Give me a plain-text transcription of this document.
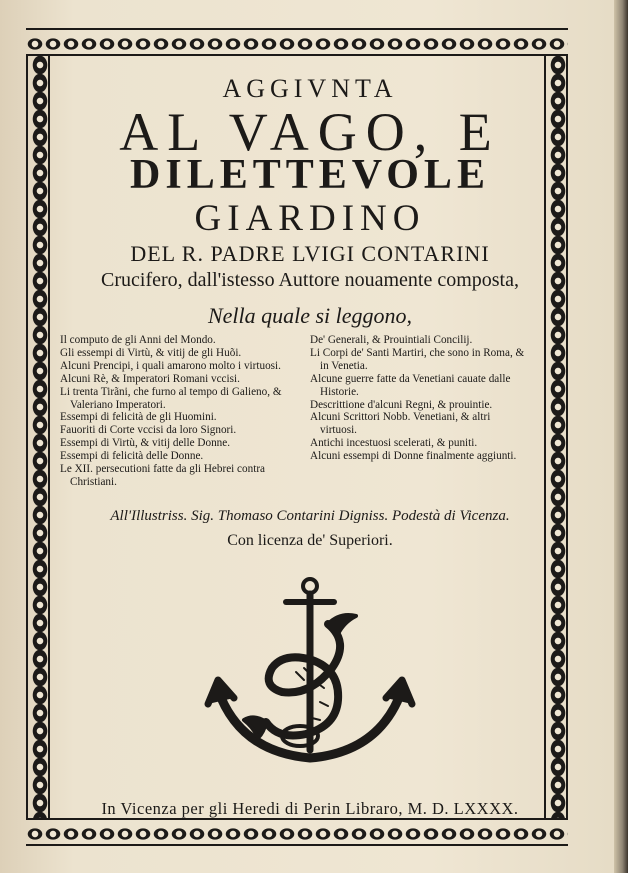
AGGIVNTA
AL VAGO, E
DILETTEVOLE
GIARDINO
DEL R. PADRE LVIGI CONTARINI
Crucifero, dall'istesso Auttore nouamente composta,
Nella quale si leggono,

Il computo de gli Anni del Mondo.

Gli essempi di Virtù, & vitij de gli Huõi.

Alcuni Prencipi, i quali amarono molto i virtuosi.

Alcuni Rè, & Imperatori Romani vccisi.

Li trenta Tirãni, che furno al tempo di Galieno, & Valeriano Imperatori.

Essempi di felicità de gli Huomini.

Fauoriti di Corte vccisi da loro Signori.

Essempi di Virtù, & vitij delle Donne.

Essempi di felicità delle Donne.

Le XII. persecutioni fatte da gli Hebrei contra Christiani.

De' Generali, & Prouintiali Concilij.

Li Corpi de' Santi Martiri, che sono in Roma, & in Venetia.

Alcune guerre fatte da Venetiani cauate dalle Historie.

Descrittione d'alcuni Regni, & prouintie.

Alcuni Scrittori Nobb. Venetiani, & altri virtuosi.

Antichi incestuosi scelerati, & puniti.

Alcuni essempi di Donne finalmente aggiunti.

All'Illustriss. Sig. Thomaso Contarini Digniss. Podestà di Vicenza.
Con licenza de' Superiori.
In Vicenza per gli Heredi di Perin Libraro, M. D. LXXXX.
